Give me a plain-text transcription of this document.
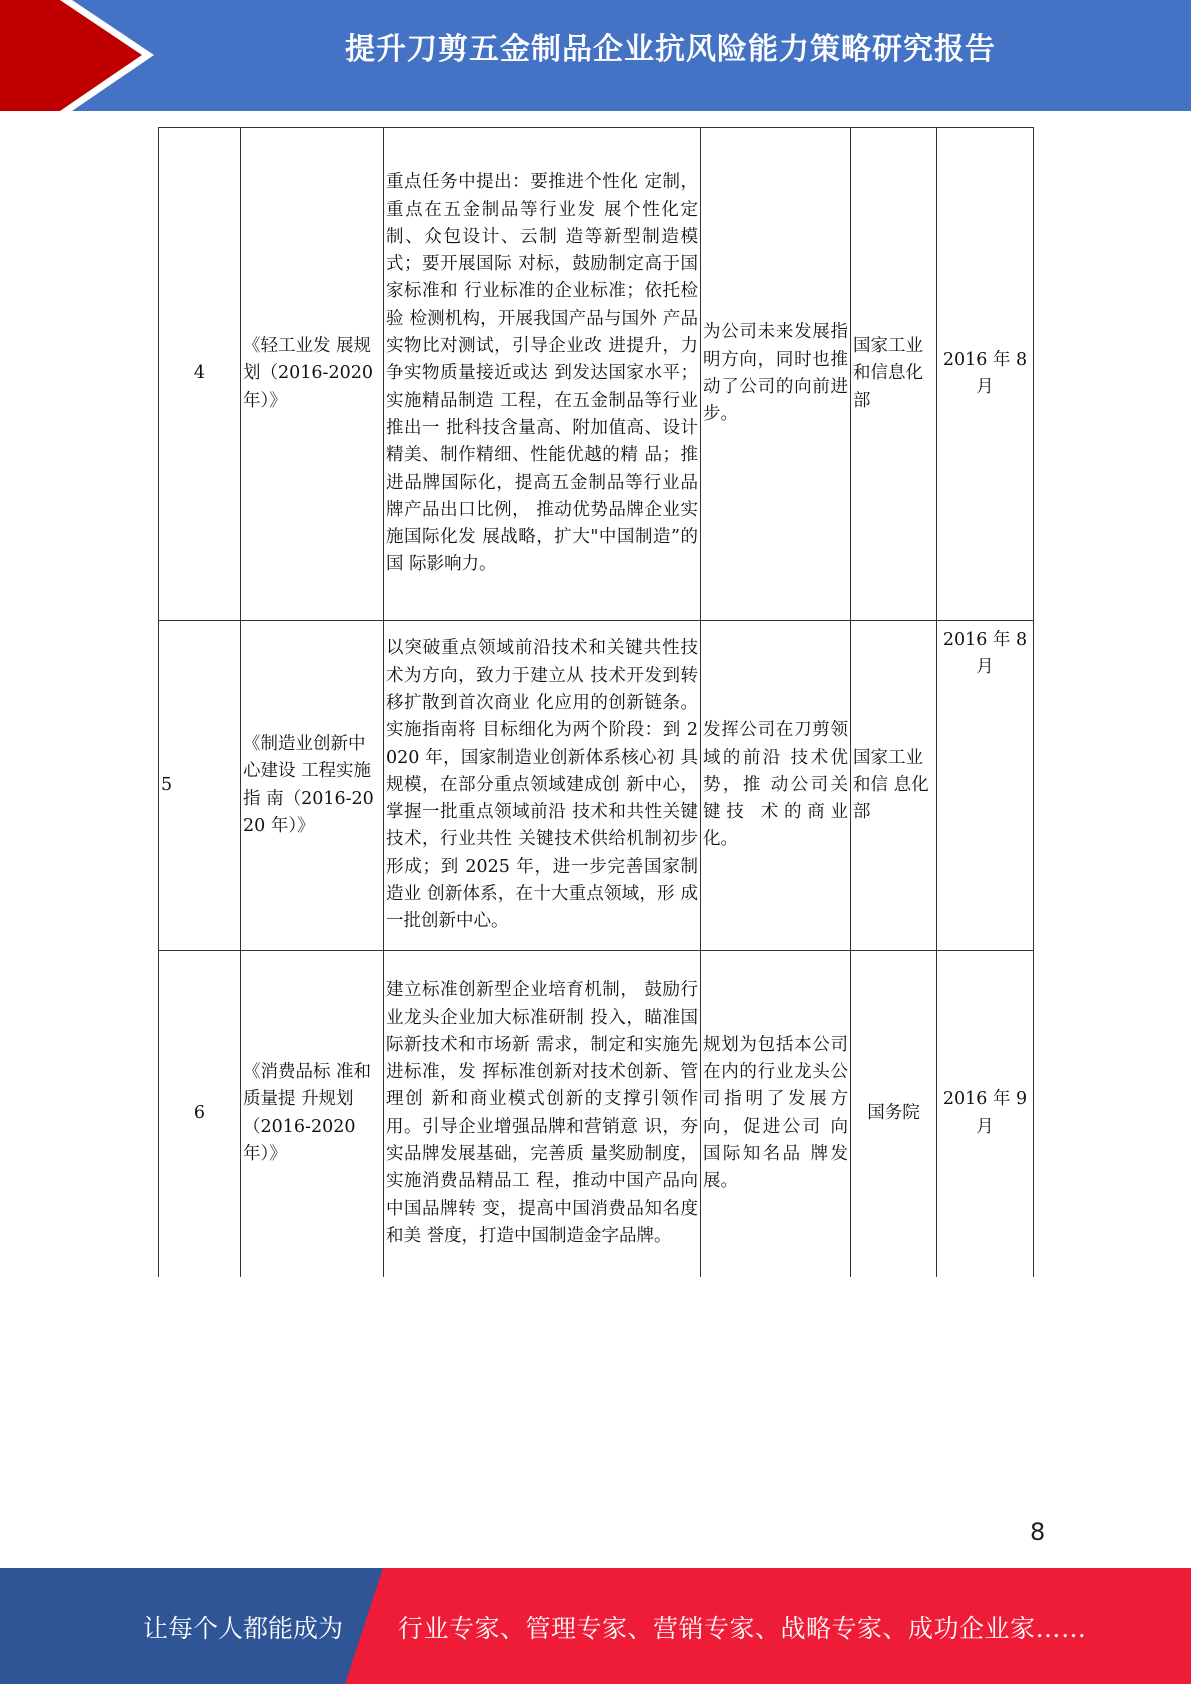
提升刀剪五金制品企业抗风险能力策略研究报告
4	《轻工业发 展规划（2016-2020 年）》	重点任务中提出：要推进个性化 定制，重点在五金制品等行业发 展个性化定制、众包设计、云制 造等新型制造模式；要开展国际 对标，鼓励制定高于国家标准和 行业标准的企业标准；依托检验 检测机构，开展我国产品与国外 产品实物比对测试，引导企业改 进提升，力争实物质量接近或达 到发达国家水平；实施精品制造 工程，在五金制品等行业推出一 批科技含量高、附加值高、设计 精美、制作精细、性能优越的精 品；推进品牌国际化，提高五金制品等行业品牌产品出口比例， 推动优势品牌企业实施国际化发 展战略，扩大"中国制造”的国 际影响力。	为公司未来发展指明方向，同时也推动了公司的向前进步。	国家工业和信息化部	2016 年 8月
5	《制造业创新中心建设 工程实施指 南（2016-2020 年）》	以突破重点领域前沿技术和关键共性技术为方向，致力于建立从 技术开发到转移扩散到首次商业 化应用的创新链条。实施指南将 目标细化为两个阶段：到 2020 年，国家制造业创新体系核心初 具规模，在部分重点领域建成创 新中心，掌握一批重点领域前沿 技术和共性关键技术，行业共性 关键技术供给机制初步形成；到 2025 年，进一步完善国家制造业 创新体系，在十大重点领域，形 成一批创新中心。	发挥公司在刀剪领域的前沿 技术优势，推 动公司关键技 术的商业化。	国家工业和信 息化部	2016 年 8 月
6	《消费品标 准和质量提 升规划（2016-2020 年）》	建立标准创新型企业培育机制， 鼓励行业龙头企业加大标准研制 投入，瞄准国际新技术和市场新 需求，制定和实施先进标准，发 挥标准创新对技术创新、管理创 新和商业模式创新的支撑引领作 用。引导企业增强品牌和营销意 识，夯实品牌发展基础，完善质 量奖励制度，实施消费品精品工 程，推动中国产品向中国品牌转 变，提高中国消费品知名度和美 誉度，打造中国制造金字品牌。	规划为包括本公司在内的行业龙头公司指明了发展方 向，促进公司 向国际知名品 牌发展。	国务院	2016 年 9月
8
让每个人都能成为 行业专家、管理专家、营销专家、战略专家、成功企业家……
